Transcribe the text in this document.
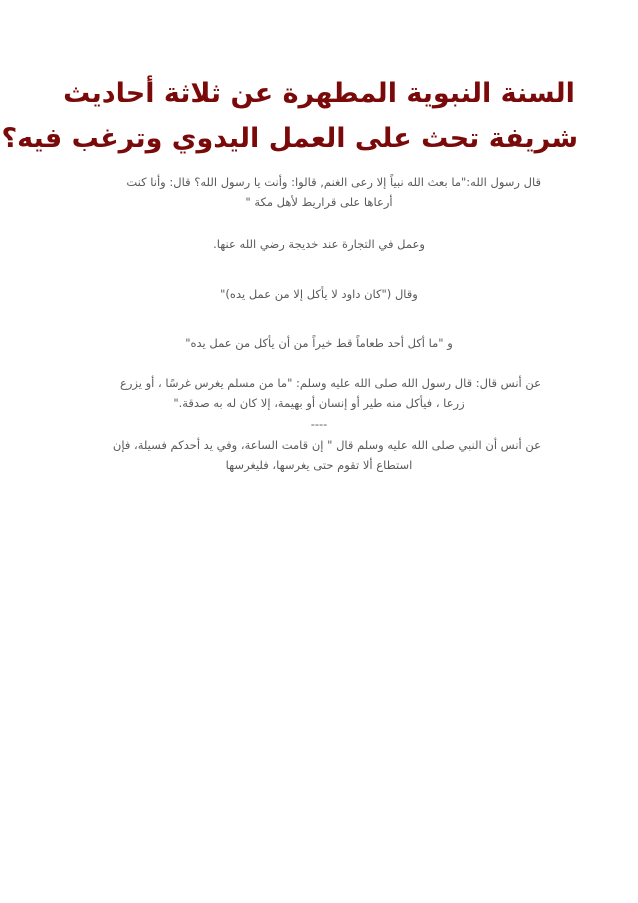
السنة النبوية المطهرة عن ثلاثة أحاديث
شريفة تحث على العمل اليدوي وترغب فيه؟
قال رسول الله:"ما بعث الله نبياً إلا رعى الغنم, قالوا: وأنت يا رسول الله؟ قال: وأنا كنت
أرعاها على قراريط لأهل مكة "
وعمل في التجارة عند خديجة رضي الله عنها.
وقال ("كان داود لا يأكل إلا من عمل يده)"
و "ما أكل أحد طعاماً قط خيراً من أن يأكل من عمل يده"
عن أنس قال: قال رسول الله صلى الله عليه وسلم: "ما من مسلم يغرس غرسًا ، أو يزرع
زرعا ، فيأكل منه طير أو إنسان أو بهيمة، إلا كان له به صدقة."
----
عن أنس أن النبي صلى الله عليه وسلم قال " إن قامت الساعة، وفي يد أحدكم فسيلة، فإن
استطاع ألا تقوم حتى يغرسها، فليغرسها
